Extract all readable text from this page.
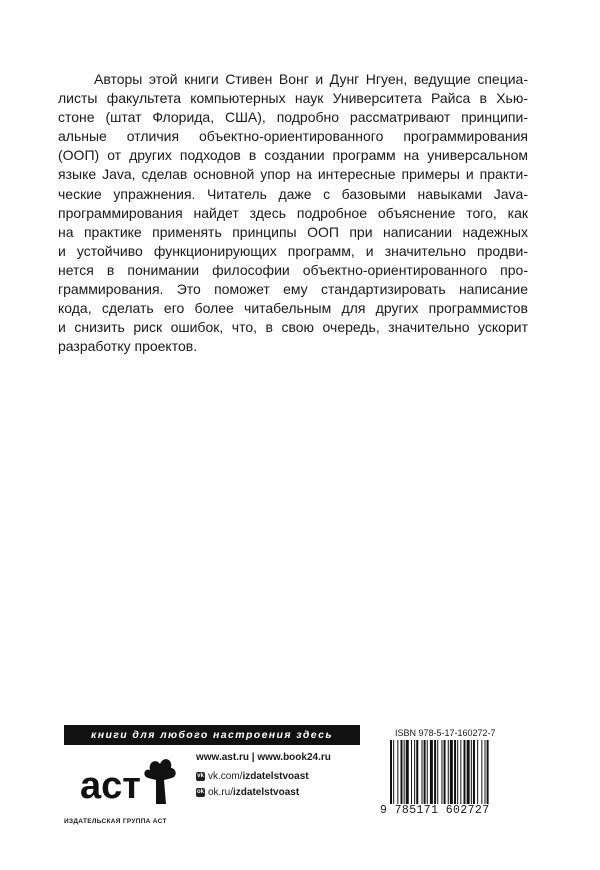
Авторы этой книги Стивен Вонг и Дунг Нгуен, ведущие специа-
листы факультета компьютерных наук Университета Райса в Хью-
стоне (штат Флорида, США), подробно рассматривают принципи-
альные отличия объектно-ориентированного программирования
(ООП) от других подходов в создании программ на универсальном
языке Java, сделав основной упор на интересные примеры и практи-
ческие упражнения. Читатель даже с базовыми навыками Java-
программирования найдет здесь подробное объяснение того, как
на практике применять принципы ООП при написании надежных
и устойчиво функционирующих программ, и значительно продви-
нется в понимании философии объектно-ориентированного про-
граммирования. Это поможет ему стандартизировать написание
кода, сделать его более читабельным для других программистов
и снизить риск ошибок, что, в свою очередь, значительно ускорит
разработку проектов.
книги для любого настроения здесь
аст
ИЗДАТЕЛЬСКАЯ ГРУППА АСТ
www.ast.ru | www.book24.ru
vk vk.com/izdatelstvoast
ok ok.ru/izdatelstvoast
ISBN 978-5-17-160272-7
9 785171 602727
